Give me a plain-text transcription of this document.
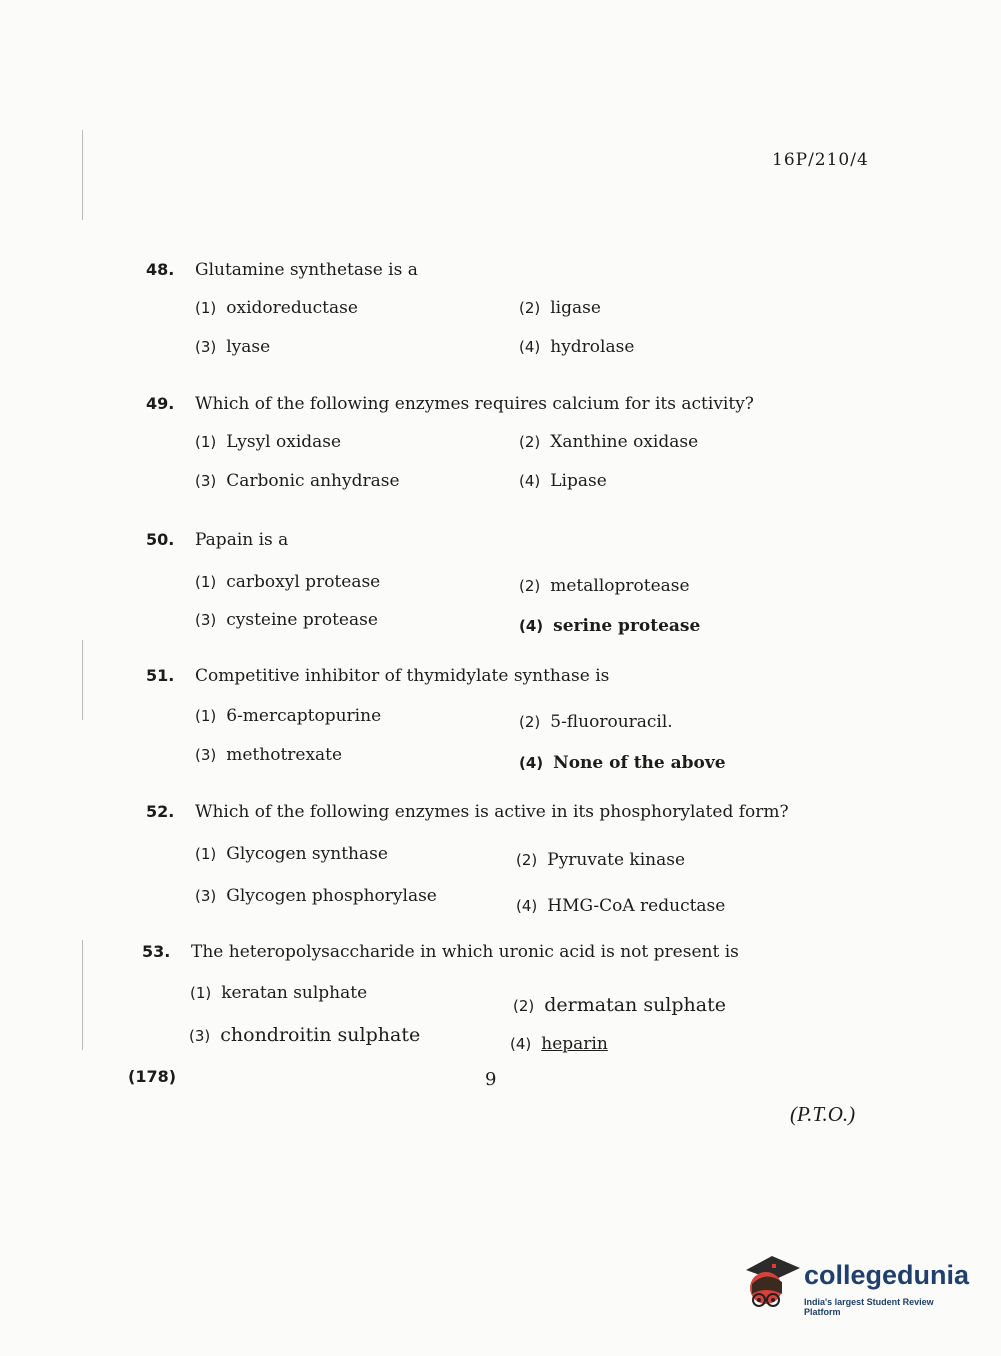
16P/210/4
48. Glutamine synthetase is a
(1) oxidoreductase	(2) ligase
(3) lyase	(4) hydrolase
49. Which of the following enzymes requires calcium for its activity?
(1) Lysyl oxidase	(2) Xanthine oxidase
(3) Carbonic anhydrase	(4) Lipase
50. Papain is a
(1) carboxyl protease	(2) metalloprotease
(3) cysteine protease	(4) serine protease
51. Competitive inhibitor of thymidylate synthase is
(1) 6-mercaptopurine	(2) 5-fluorouracil.
(3) methotrexate	(4) None of the above
52. Which of the following enzymes is active in its phosphorylated form?
(1) Glycogen synthase	(2) Pyruvate kinase
(3) Glycogen phosphorylase	(4) HMG-CoA reductase
53. The heteropolysaccharide in which uronic acid is not present is
(1) keratan sulphate
(2) dermatan sulphate
(3) chondroitin sulphate	(4) heparin
(178)	9
(P.T.O.)
collegedunia
India's largest Student Review Platform
